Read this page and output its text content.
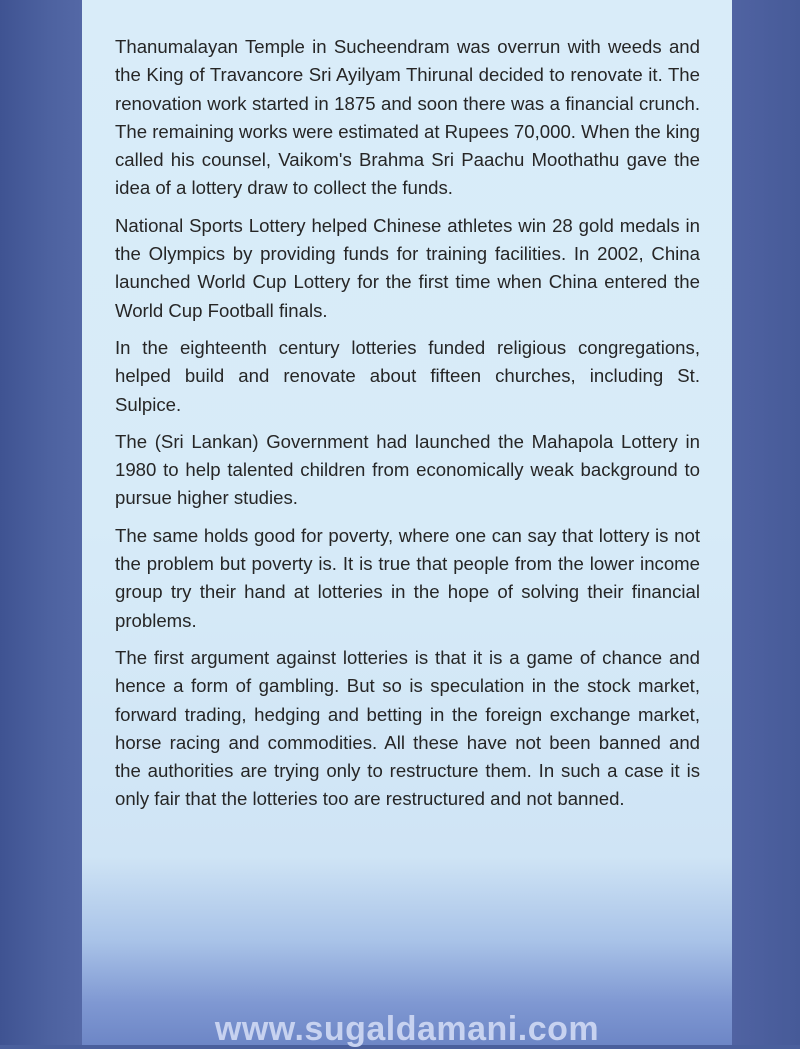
Thanumalayan Temple in Sucheendram was overrun with weeds and the King of Travancore Sri Ayilyam Thirunal decided to renovate it. The renovation work started in 1875 and soon there was a financial crunch. The remaining works were estimated at Rupees 70,000. When the king called his counsel, Vaikom's Brahma Sri Paachu Moothathu gave the idea of a lottery draw to collect the funds.

National Sports Lottery helped Chinese athletes win 28 gold medals in the Olympics by providing funds for training facilities. In 2002, China launched World Cup Lottery for the first time when China entered the World Cup Football finals.

In the eighteenth century lotteries funded religious congregations, helped build and renovate about fifteen churches, including St. Sulpice.

The (Sri Lankan) Government had launched the Mahapola Lottery in 1980 to help talented children from economically weak background to pursue higher studies.

The same holds good for poverty, where one can say that lottery is not the problem but poverty is. It is true that people from the lower income group try their hand at lotteries in the hope of solving their financial problems.

The first argument against lotteries is that it is a game of chance and hence a form of gambling. But so is speculation in the stock market, forward trading, hedging and betting in the foreign exchange market, horse racing and commodities. All these have not been banned and the authorities are trying only to restructure them. In such a case it is only fair that the lotteries too are restructured and not banned.

www.sugaldamani.com
